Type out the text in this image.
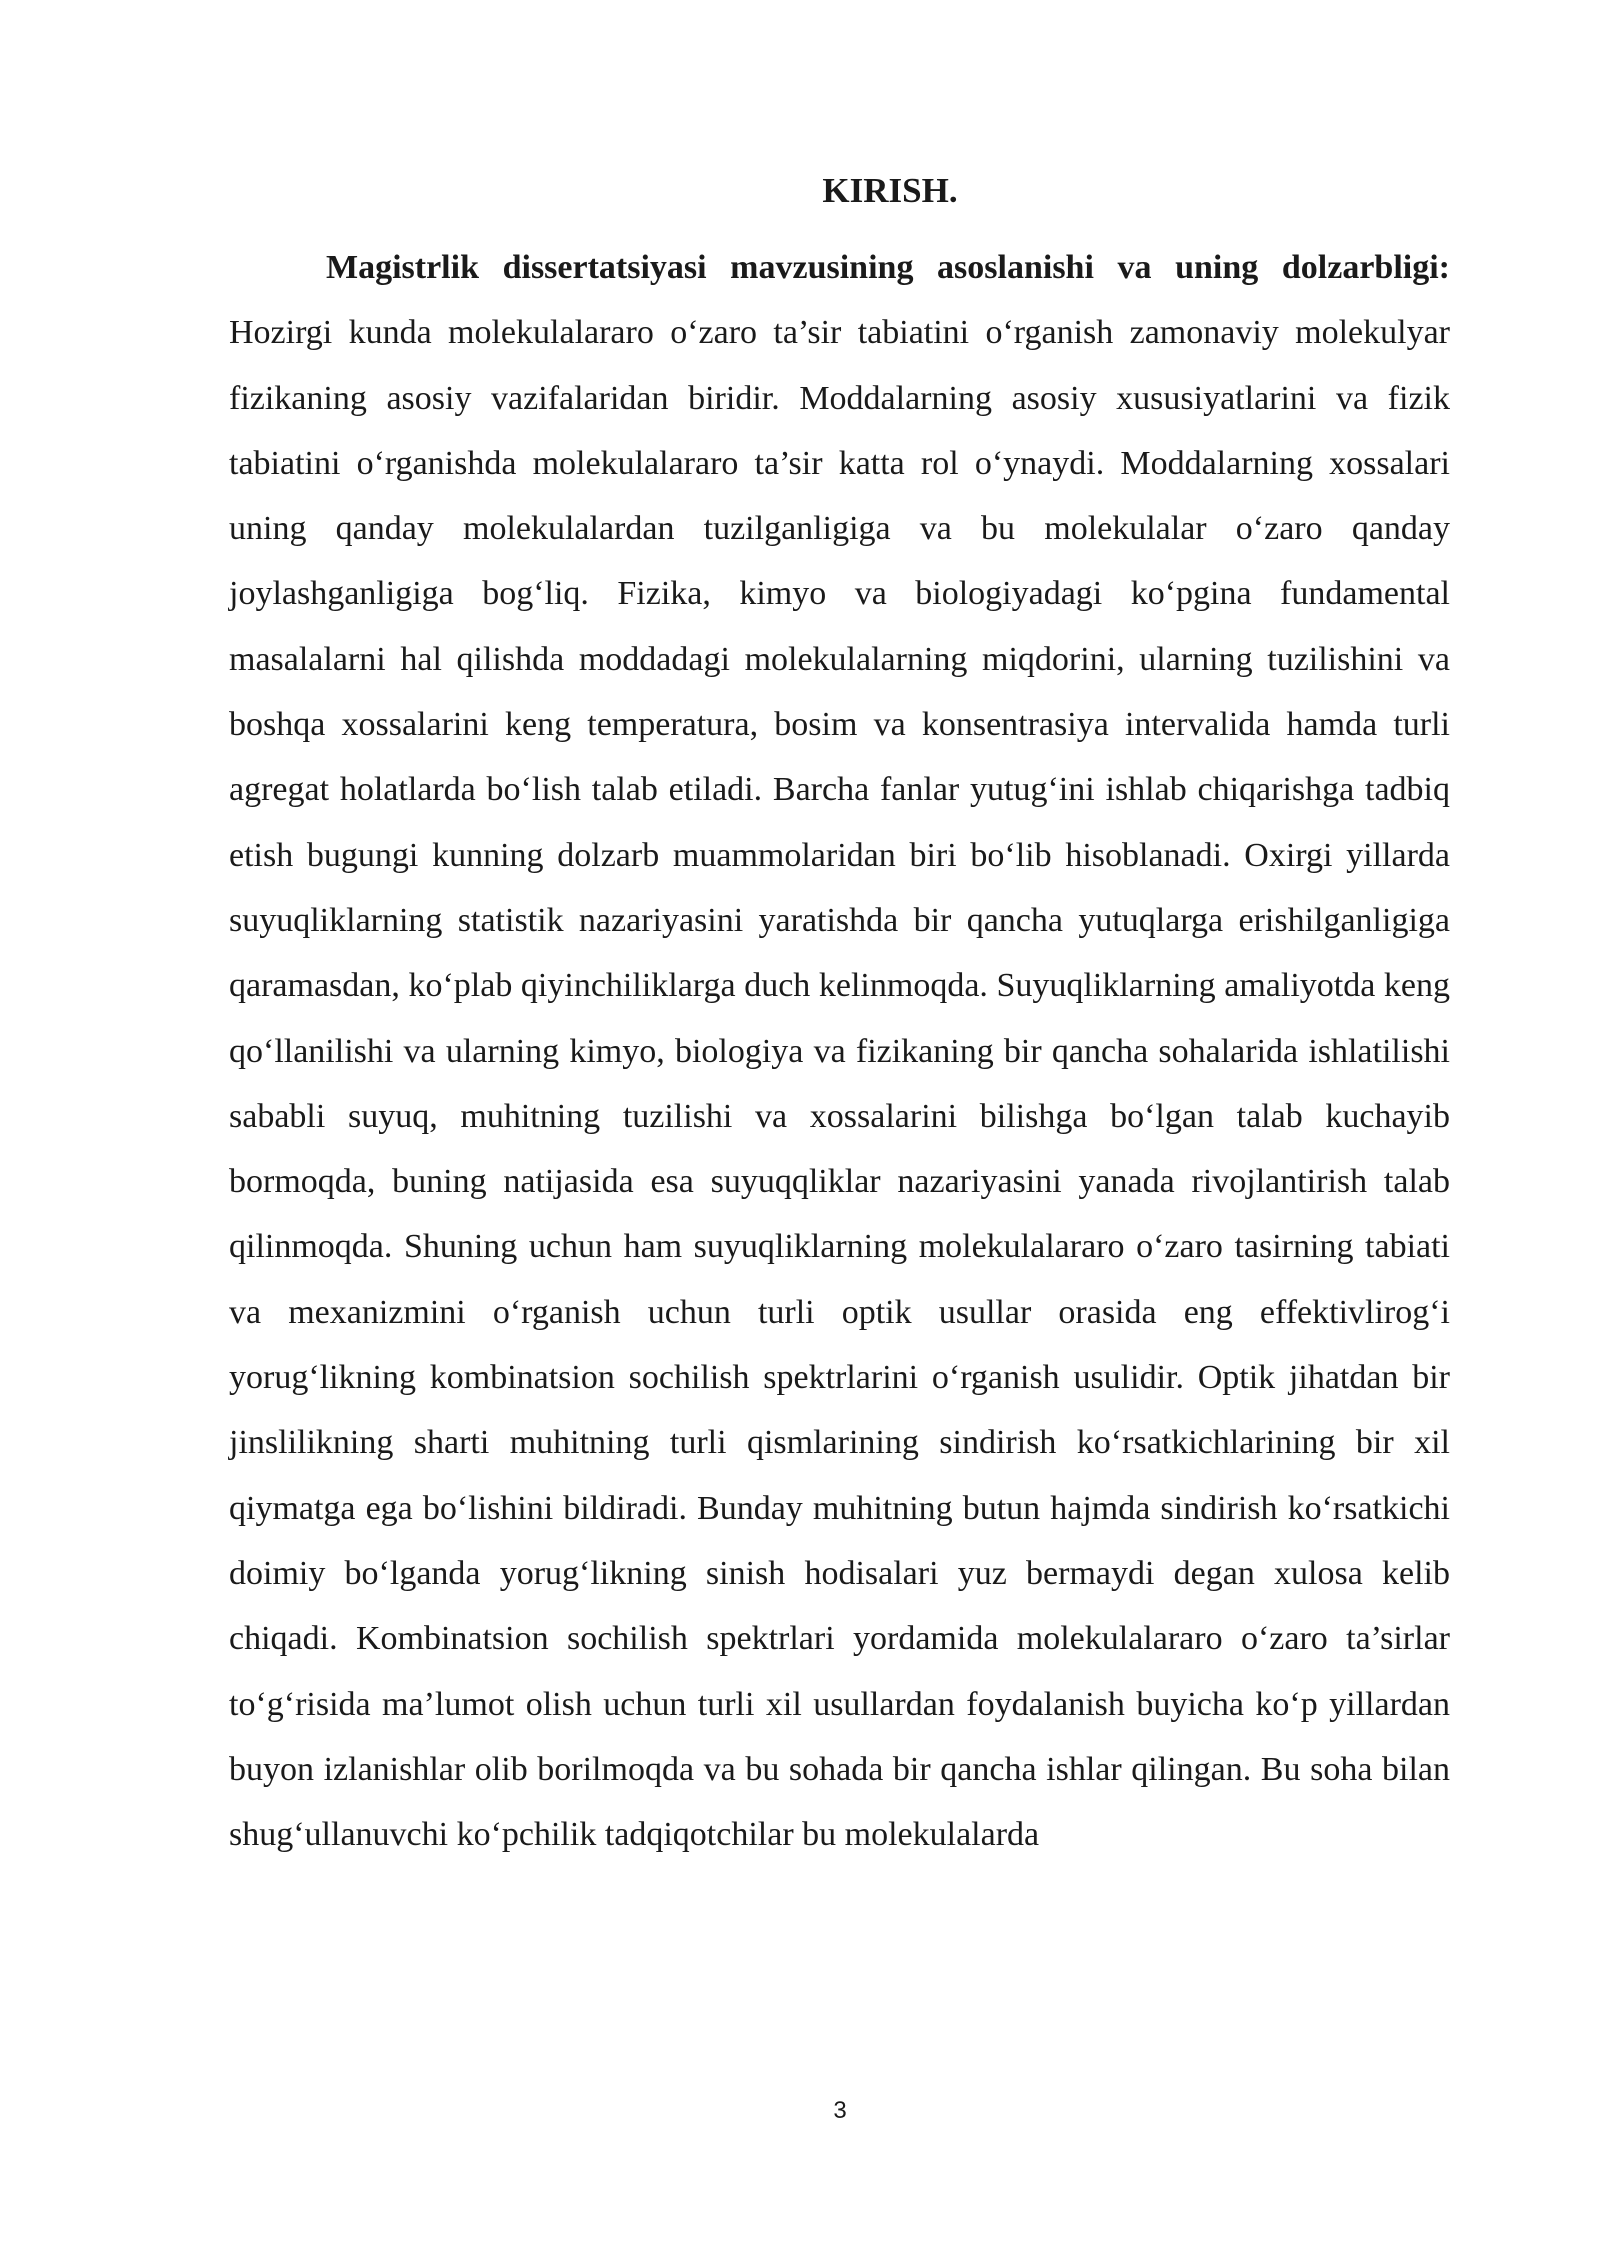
KIRISH.

Magistrlik dissertatsiyasi mavzusining asoslanishi va uning dolzarbligi: Hozirgi kunda molekulalararo o‘zaro ta’sir tabiatini o‘rganish zamonaviy molekulyar fizikaning asosiy vazifalaridan biridir. Moddalarning asosiy xususiyatlarini va fizik tabiatini o‘rganishda molekulalararo ta’sir katta rol o‘ynaydi. Moddalarning xossalari uning qanday molekulalardan tuzilganligiga va bu molekulalar o‘zaro qanday joylashganligiga bog‘liq. Fizika, kimyo va biologiyadagi ko‘pgina fundamental masalalarni hal qilishda moddadagi molekulalarning miqdorini, ularning tuzilishini va boshqa xossalarini keng temperatura, bosim va konsentrasiya intervalida hamda turli agregat holatlarda bo‘lish talab etiladi. Barcha fanlar yutug‘ini ishlab chiqarishga tadbiq etish bugungi kunning dolzarb muammolaridan biri bo‘lib hisoblanadi. Oxirgi yillarda suyuqliklarning statistik nazariyasini yaratishda bir qancha yutuqlarga erishilganligiga qaramasdan, ko‘plab qiyinchiliklarga duch kelinmoqda. Suyuqliklarning amaliyotda keng qo‘llanilishi va ularning kimyo, biologiya va fizikaning bir qancha sohalarida ishlatilishi sababli suyuq, muhitning tuzilishi va xossalarini bilishga bo‘lgan talab kuchayib bormoqda, buning natijasida esa suyuqqliklar nazariyasini yanada rivojlantirish talab qilinmoqda. Shuning uchun ham suyuqliklarning molekulalararo o‘zaro tasirning tabiati va mexanizmini o‘rganish uchun turli optik usullar orasida eng effektivlirog‘i yorug‘likning kombinatsion sochilish spektrlarini o‘rganish usulidir. Optik jihatdan bir jinslilikning sharti muhitning turli qismlarining sindirish ko‘rsatkichlarining bir xil qiymatga ega bo‘lishini bildiradi. Bunday muhitning butun hajmda sindirish ko‘rsatkichi doimiy bo‘lganda yorug‘likning sinish hodisalari yuz bermaydi degan xulosa kelib chiqadi. Kombinatsion sochilish spektrlari yordamida molekulalararo o‘zaro ta’sirlar to‘g‘risida ma’lumot olish uchun turli xil usullardan foydalanish buyicha ko‘p yillardan buyon izlanishlar olib borilmoqda va bu sohada bir qancha ishlar qilingan. Bu soha bilan shug‘ullanuvchi ko‘pchilik tadqiqotchilar bu molekulalarda

3
